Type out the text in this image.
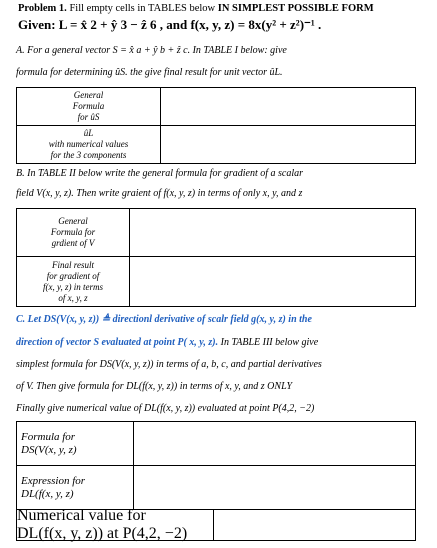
Problem 1. Fill empty cells in TABLES below IN SIMPLEST POSSIBLE FORM
Given: L = x̂ 2 + ŷ 3 − ẑ 6 , and f(x, y, z) = 8x(y² + z²)⁻¹ .
A. For a general vector S = x̂ a + ŷ b + ẑ c. In TABLE I below: give
formula for determining ûS. the give final result for unit vector ûL.
General
Formula
for ûS	

ûL
with numerical values
for the 3 components	

B. In TABLE II below write the general formula for gradient of a scalar
field V(x, y, z). Then write graient of f(x, y, z) in terms of only x, y, and z
General
Formula for
grdient of V	

Final result
for gradient of
f(x, y, z) in terms
of x, y, z	

C. Let DS(V(x, y, z)) ≜ directionl derivative of scalr field g(x, y, z) in the
direction of vector S evaluated at point P( x, y, z). In TABLE III below give
simplest formula for DS(V(x, y, z)) in terms of a, b, c, and partial derivatives
of V. Then give formula for DL(f(x, y, z)) in terms of x, y, and z ONLY
Finally give numerical value of DL(f(x, y, z)) evaluated at point P(4,2, −2)
Formula for
DS(V(x, y, z)	

Expression for
DL(f(x, y, z)	

Numerical value for
DL(f(x, y, z)) at P(4,2, −2)	
